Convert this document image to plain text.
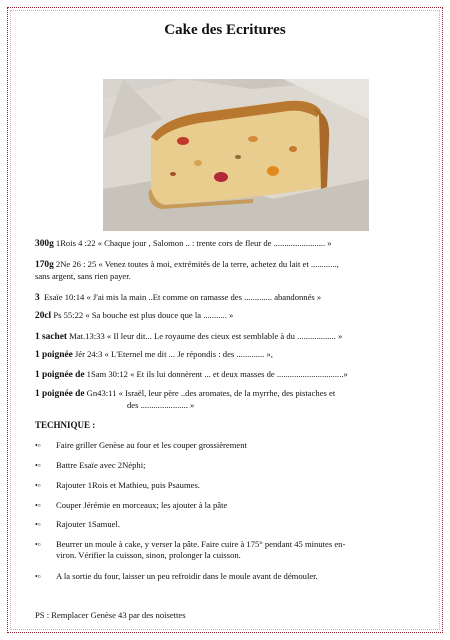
Cake des Ecritures
300g 1Rois 4 :22 « Chaque jour , Salomon .. : trente cors de fleur de ........................ »
170g 2Ne 26 : 25 « Venez toutes à moi, extrémités de la terre, achetez du lait et ............,
sans argent, sans rien payer.
3 Esaïe 10:14 « J'ai mis la main ..Et comme on ramasse des ............. abandonnés »
20cl Ps 55:22 « Sa bouche est plus douce que la ........... »
1 sachet Mat.13:33 « Il leur dit... Le royaume des cieux est semblable à du .................. »
1 poignée Jér 24:3 « L'Eternel me dit ... Je répondis : des ............. »,
1 poignée de 1Sam 30:12 « Et ils lui donnèrent ... et deux masses de ...............................»
1 poignée de Gn43:11 « Israël, leur père ..des aromates, de la myrrhe, des pistaches et
des ...................... »
TECHNIQUE :
•▫ Faire griller Genèse au four et les couper grossièrement
•▫ Battre Esaïe avec 2Néphi;
•▫ Rajouter 1Rois et Mathieu, puis Psaumes.
•▫ Couper Jérémie en morceaux; les ajouter à la pâte
•▫ Rajouter 1Samuel.
•▫ Beurrer un moule à cake, y verser la pâte. Faire cuire à 175° pendant 45 minutes en-
viron. Vérifier la cuisson, sinon, prolonger la cuisson.
•▫ A la sortie du four, laisser un peu refroidir dans le moule avant de démouler.
PS : Remplacer Genèse 43 par des noisettes
